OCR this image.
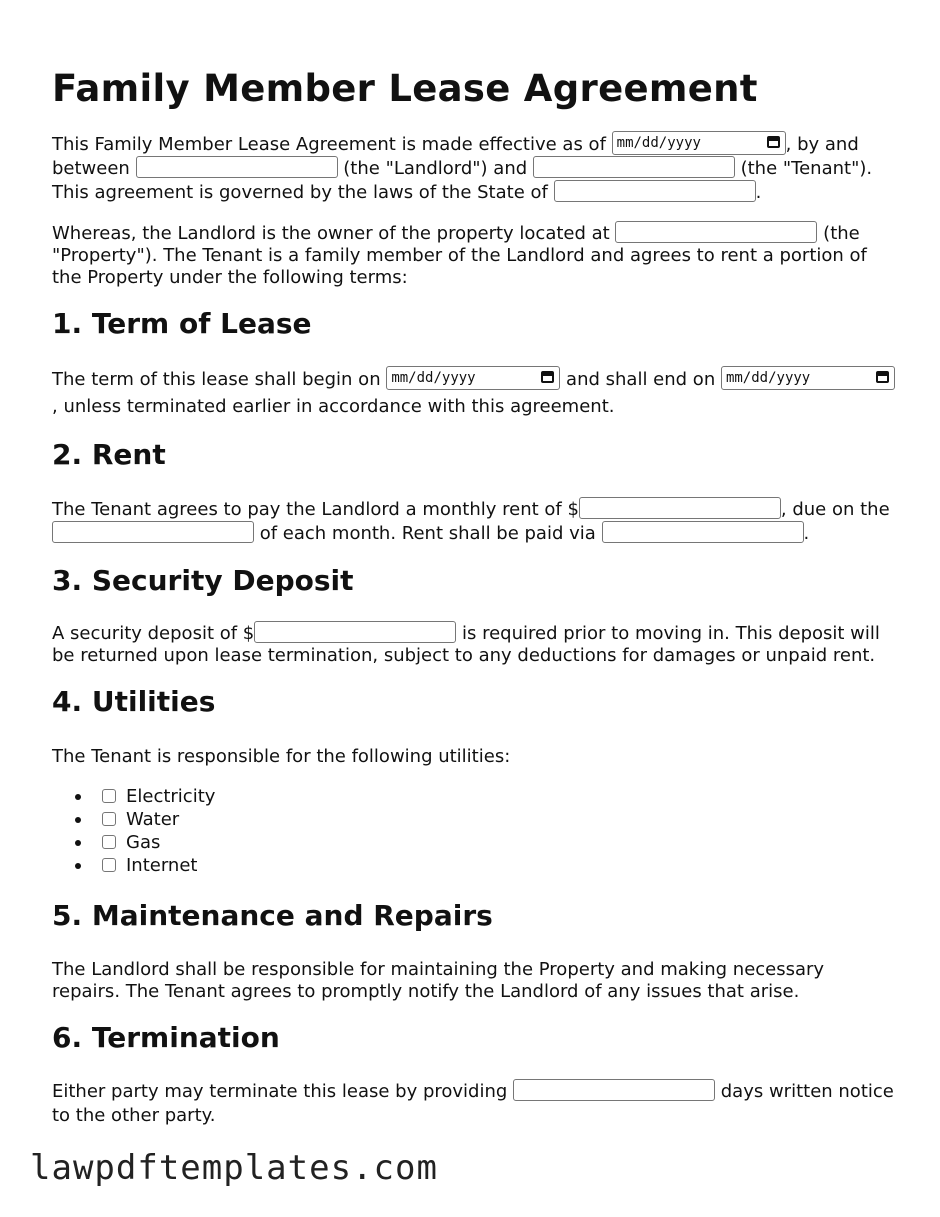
Family Member Lease Agreement

This Family Member Lease Agreement is made effective as of mm/dd/yyyy	, by and between	(the "Landlord") and	(the "Tenant"). This agreement is governed by the laws of the State of	.

Whereas, the Landlord is the owner of the property located at	(the "Property"). The Tenant is a family member of the Landlord and agrees to rent a portion of the Property under the following terms:

1. Term of Lease

The term of this lease shall begin on mm/dd/yyyy	and shall end on mm/dd/yyyy
, unless terminated earlier in accordance with this agreement.

2. Rent

The Tenant agrees to pay the Landlord a monthly rent of $	, due on the  of each month. Rent shall be paid via	.

3. Security Deposit

A security deposit of $	is required prior to moving in. This deposit will be returned upon lease termination, subject to any deductions for damages or unpaid rent.

4. Utilities

The Tenant is responsible for the following utilities:

Electricity
Water
Gas
Internet
5. Maintenance and Repairs

The Landlord shall be responsible for maintaining the Property and making necessary repairs. The Tenant agrees to promptly notify the Landlord of any issues that arise.

6. Termination

Either party may terminate this lease by providing	days written notice to the other party.

lawpdftemplates.com
